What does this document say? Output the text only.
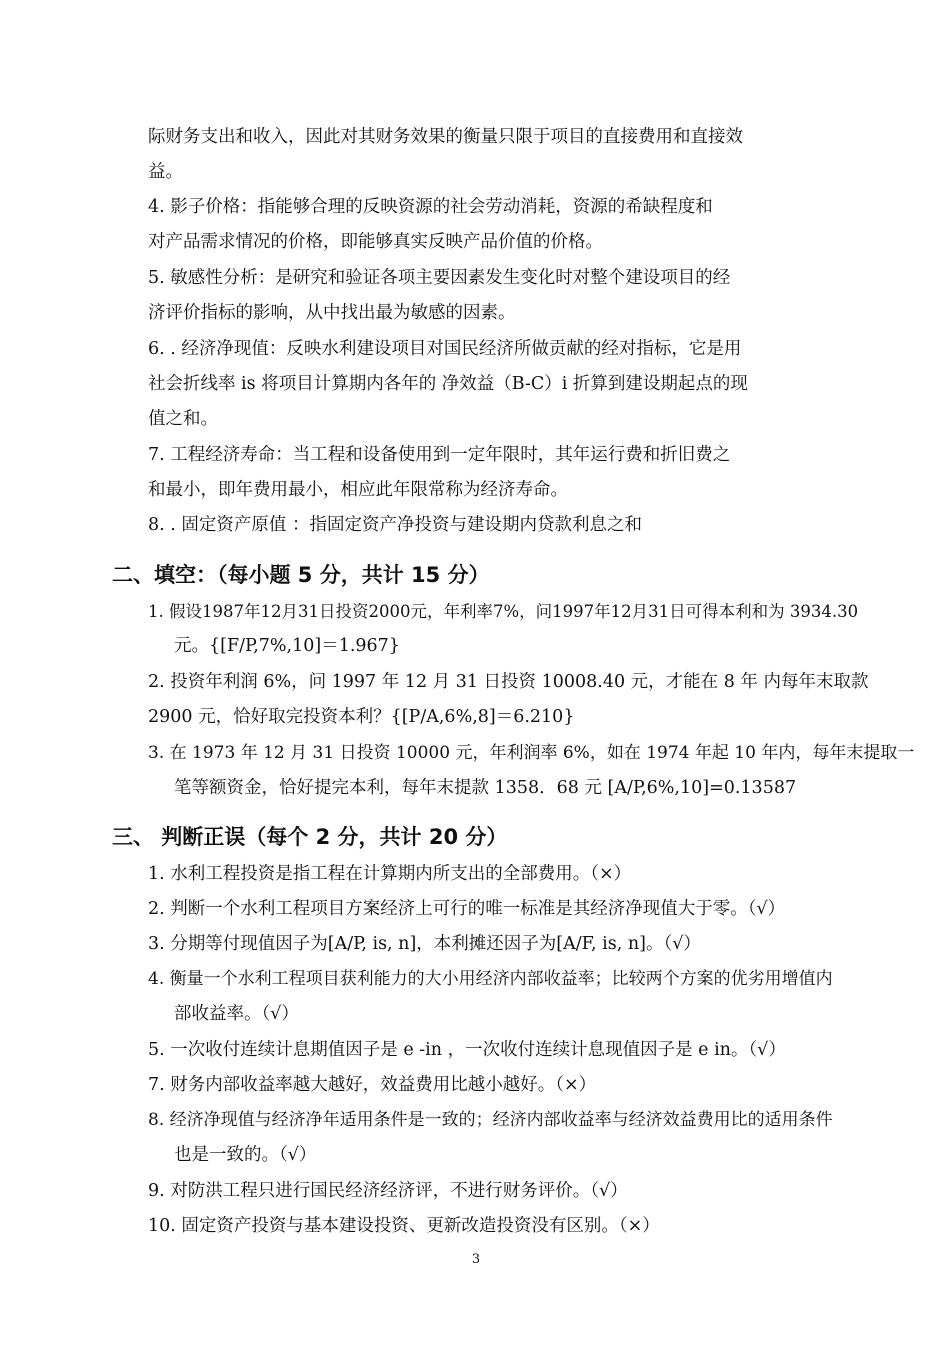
际财务支出和收入，因此对其财务效果的衡量只限于项目的直接费用和直接效
益。
4. 影子价格：指能够合理的反映资源的社会劳动消耗，资源的希缺程度和
对产品需求情况的价格，即能够真实反映产品价值的价格。
5. 敏感性分析：是研究和验证各项主要因素发生变化时对整个建设项目的经
济评价指标的影响，从中找出最为敏感的因素。
6. . 经济净现值：反映水利建设项目对国民经济所做贡献的经对指标，它是用
社会折线率 is 将项目计算期内各年的 净效益（B-C）i 折算到建设期起点的现
值之和。
7. 工程经济寿命：当工程和设备使用到一定年限时，其年运行费和折旧费之
和最小，即年费用最小，相应此年限常称为经济寿命。
8. . 固定资产原值 ：指固定资产净投资与建设期内贷款利息之和
二、填空：（每小题 5 分，共计 15 分）
1. 假设1987年12月31日投资2000元，年利率7%，问1997年12月31日可得本利和为 3934.30
元。{[F/P,7%,10]＝1.967}
2. 投资年利润 6%，问 1997 年 12 月 31 日投资 10008.40 元，才能在 8 年 内每年末取款
2900 元，恰好取完投资本利？{[P/A,6%,8]＝6.210}
3. 在 1973 年 12 月 31 日投资 10000 元，年利润率 6%，如在 1974 年起 10 年内，每年末提取一
笔等额资金，恰好提完本利，每年末提款 1358．68 元 [A/P,6%,10]=0.13587
三、 判断正误（每个 2 分，共计 20 分）
1. 水利工程投资是指工程在计算期内所支出的全部费用。（×）
2. 判断一个水利工程项目方案经济上可行的唯一标准是其经济净现值大于零。（√）
3. 分期等付现值因子为[A/P, is, n]，本利摊还因子为[A/F, is, n]。（√）
4. 衡量一个水利工程项目获利能力的大小用经济内部收益率；比较两个方案的优劣用增值内
部收益率。（√）
5. 一次收付连续计息期值因子是 e -in ，一次收付连续计息现值因子是 e in。（√）
7. 财务内部收益率越大越好，效益费用比越小越好。（×）
8. 经济净现值与经济净年适用条件是一致的；经济内部收益率与经济效益费用比的适用条件
也是一致的。（√）
9. 对防洪工程只进行国民经济经济评，不进行财务评价。（√）
10. 固定资产投资与基本建设投资、更新改造投资没有区别。（×）
3
